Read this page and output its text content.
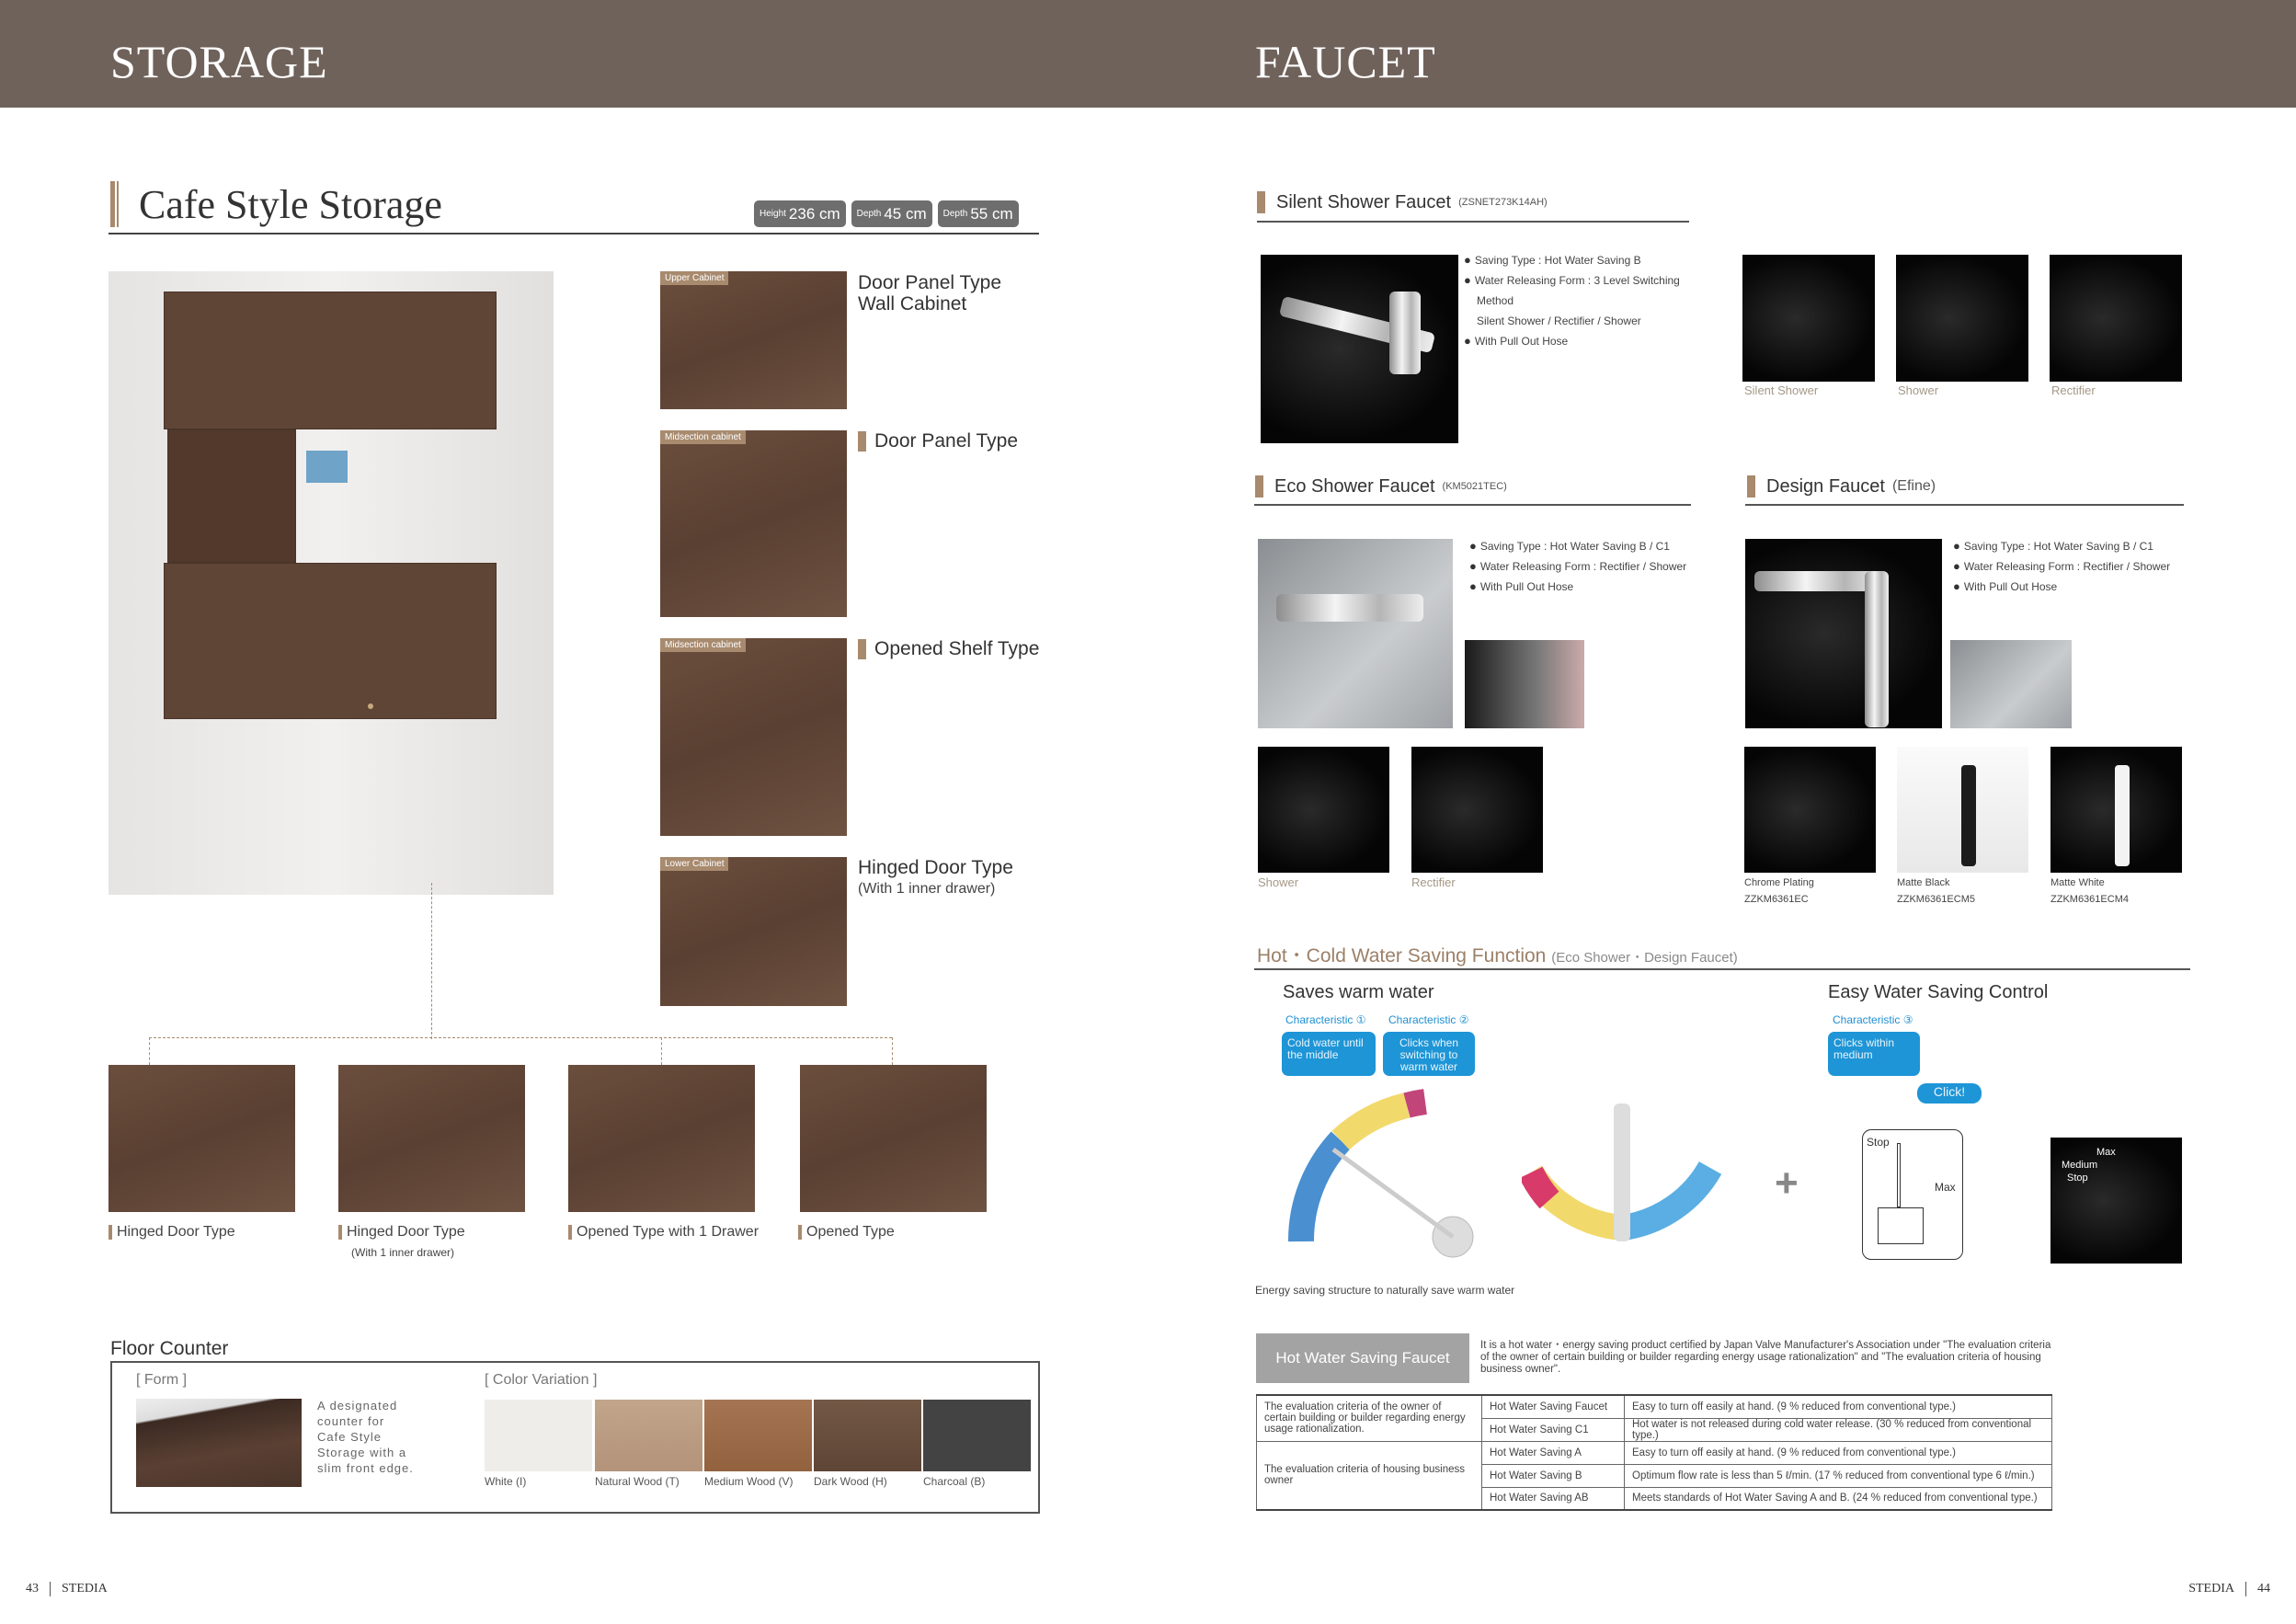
STORAGE	FAUCET
Cafe Style Storage	Height 236 cm Depth 45 cm Depth 55 cm
Upper Cabinet	Door Panel Type
Wall Cabinet
Midsection cabinet	Door Panel Type
Midsection cabinet	Opened Shelf Type
Lower Cabinet	Hinged Door Type
(With 1 inner drawer)
Hinged Door Type	Hinged Door Type
(With 1 inner drawer)
Opened Type with 1 Drawer	Opened Type
Floor Counter
[ Form ]
A designated counter for Cafe Style Storage with a slim front edge.
[ Color Variation ]
White (I)	Natural Wood (T) Medium Wood (V) Dark Wood (H)	Charcoal (B)
Silent Shower Faucet (ZSNET273K14AH)
● Saving Type : Hot Water Saving B
● Water Releasing Form : 3 Level Switching
Method
Silent Shower / Rectifier / Shower
● With Pull Out Hose
Silent Shower	Shower	Rectifier
Eco Shower Faucet (KM5021TEC)
● Saving Type : Hot Water Saving B / C1
● Water Releasing Form : Rectifier / Shower
● With Pull Out Hose
Shower	Rectifier
Design Faucet (Efine)
● Saving Type : Hot Water Saving B / C1
● Water Releasing Form : Rectifier / Shower
● With Pull Out Hose
Chrome Plating
ZZKM6361EC
Matte Black
ZZKM6361ECM5
Matte White
ZZKM6361ECM4
Hot・Cold Water Saving Function (Eco Shower・Design Faucet)
Saves warm water	Easy Water Saving Control
Characteristic ① Characteristic ②	Characteristic ③
Cold water until the middle
Clicks when switching to warm water
Clicks within medium
Click!
+
Stop
Max
Max
Medium
Stop
Energy saving structure to naturally save warm water
Hot Water Saving Faucet
It is a hot water・energy saving product certified by Japan Valve Manufacturer's Association under "The evaluation criteria of the owner of certain building or builder regarding energy usage rationalization" and "The evaluation criteria of housing business owner".
The evaluation criteria of the owner of certain building or builder regarding energy usage rationalization.	Hot Water Saving Faucet	Easy to turn off easily at hand. (9 % reduced from conventional type.)
	Hot Water Saving C1	Hot water is not released during cold water release. (30 % reduced from conventional type.)
The evaluation criteria of housing business owner	Hot Water Saving A	Easy to turn off easily at hand. (9 % reduced from conventional type.)
	Hot Water Saving B	Optimum flow rate is less than 5 ℓ/min. (17 % reduced from conventional type 6 ℓ/min.)
	Hot Water Saving AB	Meets standards of Hot Water Saving A and B. (24 % reduced from conventional type.)
43 STEDIA	STEDIA 44
